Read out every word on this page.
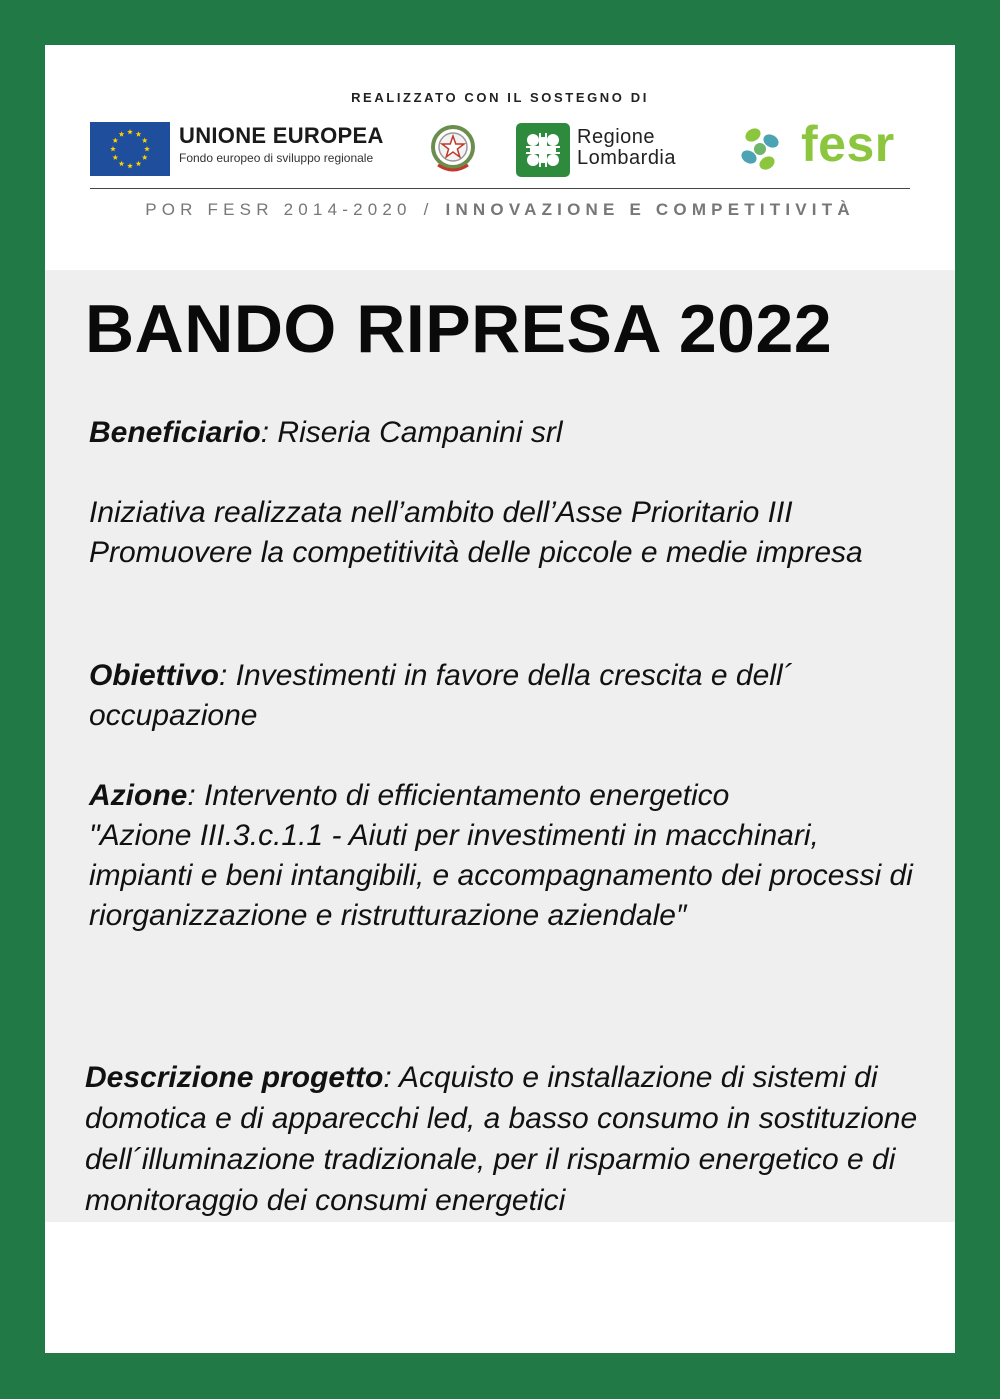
REALIZZATO CON IL SOSTEGNO DI

UNIONE EUROPEA

Fondo europeo di sviluppo regionale

Regione
Lombardia fesr

POR FESR 2014-2020 / INNOVAZIONE E COMPETITIVITÀ

BANDO RIPRESA 2022

Beneficiario: Riseria Campanini srl

Iniziativa realizzata nell’ambito dell’Asse Prioritario III Promuovere la competitività delle piccole e medie impresa

Obiettivo: Investimenti in favore della crescita e dell´ occupazione

Azione: Intervento di efficientamento energetico
"Azione III.3.c.1.1 - Aiuti per investimenti in macchinari, impianti e beni intangibili, e accompagnamento dei processi di riorganizzazione e ristrutturazione aziendale″

Descrizione progetto: Acquisto e installazione di sistemi di domotica e di apparecchi led, a basso consumo in sostituzione dell´illuminazione tradizionale, per il risparmio energetico e di monitoraggio dei consumi energetici
